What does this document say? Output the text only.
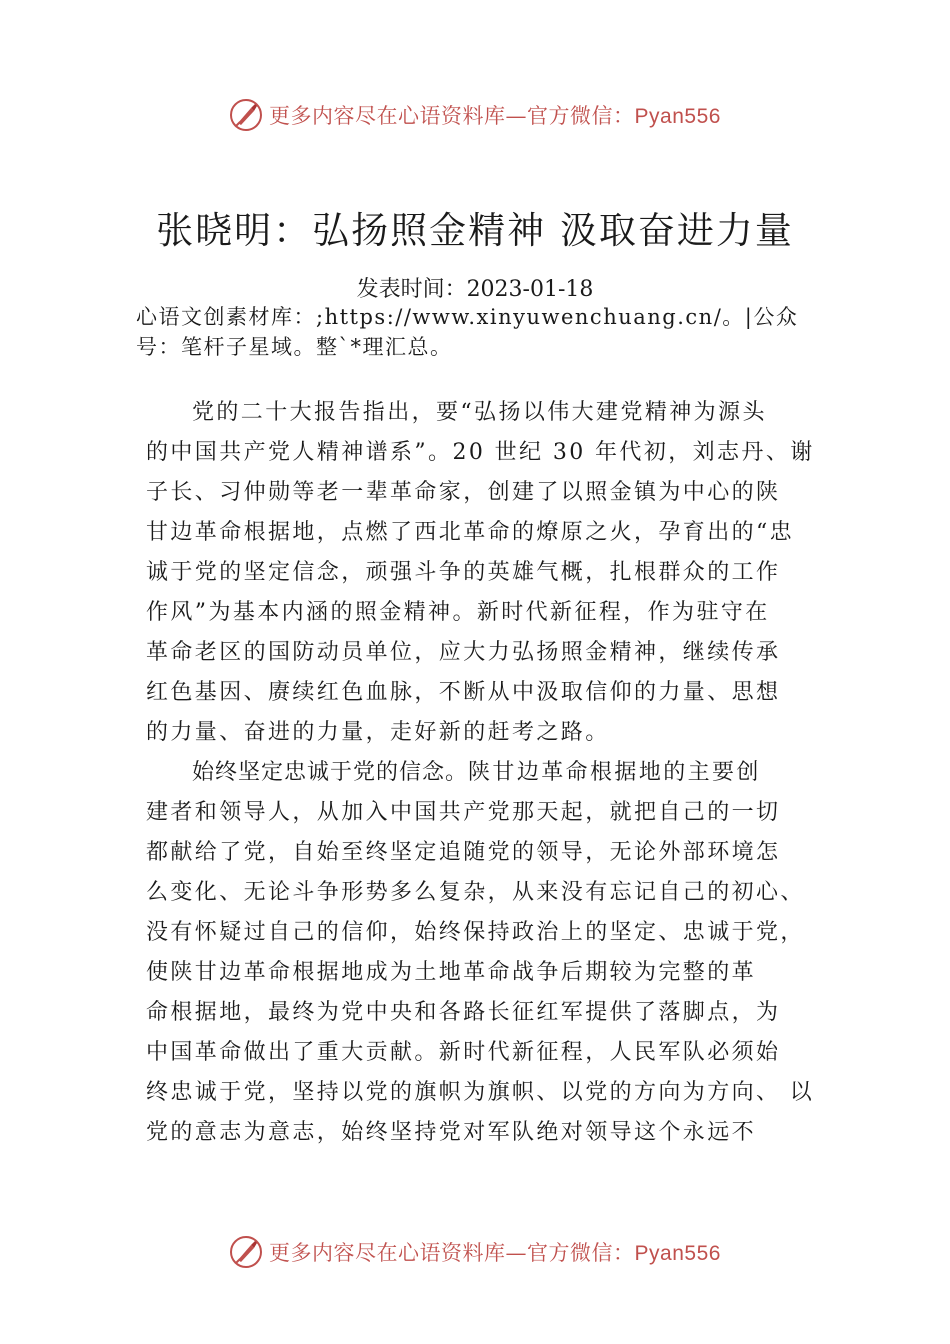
更多内容尽在心语资料库—官方微信：Pyan556
张晓明：弘扬照金精神 汲取奋进力量
发表时间：2023-01-18
心语文创素材库：;https://www.xinyuwenchuang.cn/。|公众
号：笔杆子星域。整`*理汇总。
党的二十大报告指出，要“弘扬以伟大建党精神为源头
的中国共产党人精神谱系”。20 世纪 30 年代初，刘志丹、谢
子长、习仲勋等老一辈革命家，创建了以照金镇为中心的陕
甘边革命根据地，点燃了西北革命的燎原之火，孕育出的“忠
诚于党的坚定信念，顽强斗争的英雄气概，扎根群众的工作
作风”为基本内涵的照金精神。新时代新征程，作为驻守在
革命老区的国防动员单位，应大力弘扬照金精神，继续传承
红色基因、赓续红色血脉，不断从中汲取信仰的力量、思想
的力量、奋进的力量，走好新的赶考之路。
始终坚定忠诚于党的信念。陕甘边革命根据地的主要创
建者和领导人，从加入中国共产党那天起，就把自己的一切
都献给了党，自始至终坚定追随党的领导，无论外部环境怎
么变化、无论斗争形势多么复杂，从来没有忘记自己的初心、
没有怀疑过自己的信仰，始终保持政治上的坚定、忠诚于党，
使陕甘边革命根据地成为土地革命战争后期较为完整的革
命根据地，最终为党中央和各路长征红军提供了落脚点，为
中国革命做出了重大贡献。新时代新征程，人民军队必须始
终忠诚于党，坚持以党的旗帜为旗帜、以党的方向为方向、 以
党的意志为意志，始终坚持党对军队绝对领导这个永远不
更多内容尽在心语资料库—官方微信：Pyan556
